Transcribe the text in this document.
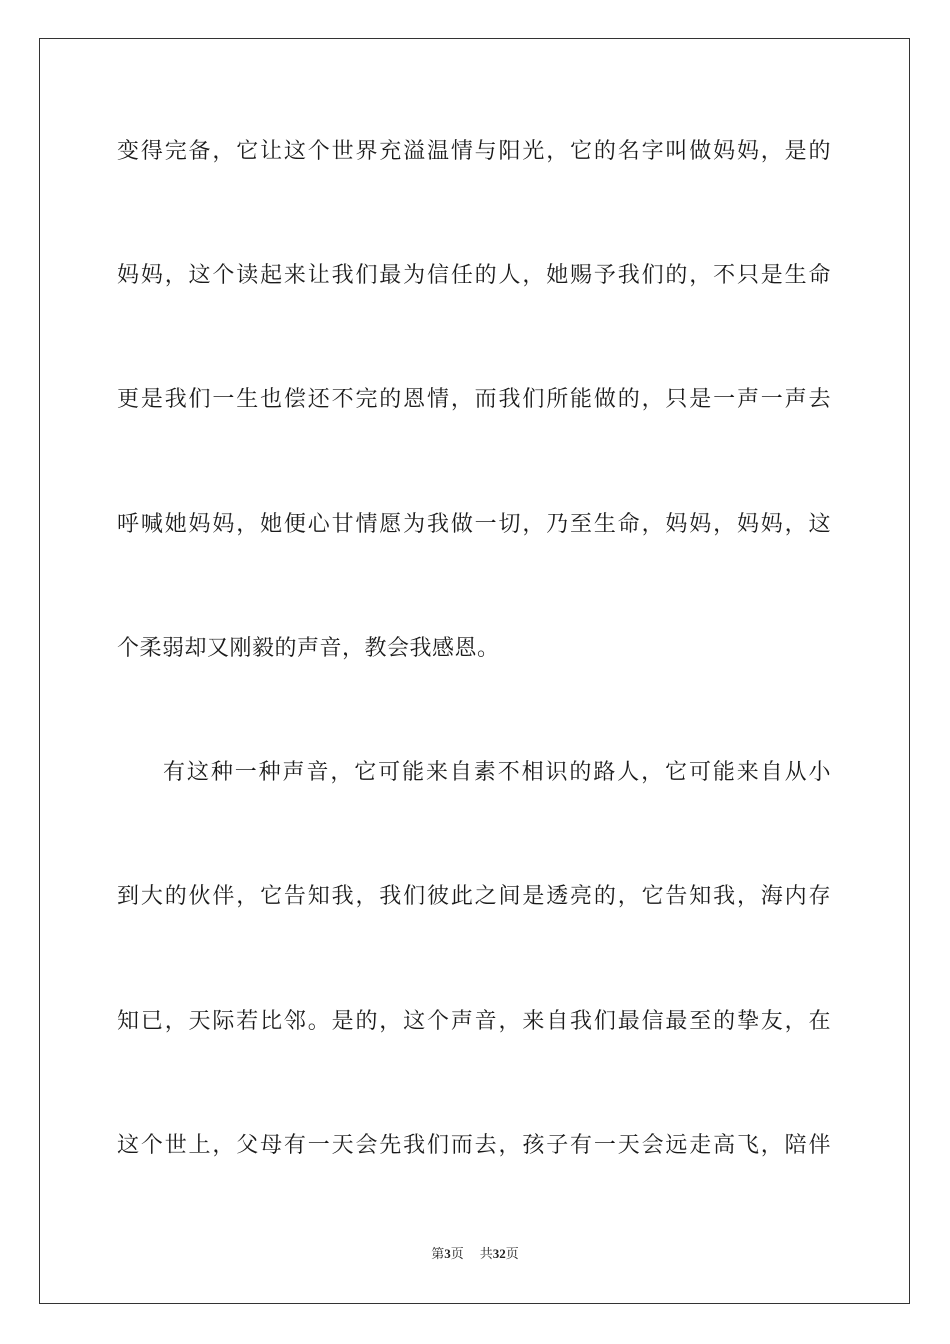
变得完备，它让这个世界充溢温情与阳光，它的名字叫做妈妈，是的
妈妈，这个读起来让我们最为信任的人，她赐予我们的，不只是生命
更是我们一生也偿还不完的恩情，而我们所能做的，只是一声一声去
呼喊她妈妈，她便心甘情愿为我做一切，乃至生命，妈妈，妈妈，这
个柔弱却又刚毅的声音，教会我感恩。
有这种一种声音，它可能来自素不相识的路人，它可能来自从小
到大的伙伴，它告知我，我们彼此之间是透亮的，它告知我，海内存
知已，天际若比邻。是的，这个声音，来自我们最信最至的挚友，在
这个世上，父母有一天会先我们而去，孩子有一天会远走高飞，陪伴
第3页 共32页
